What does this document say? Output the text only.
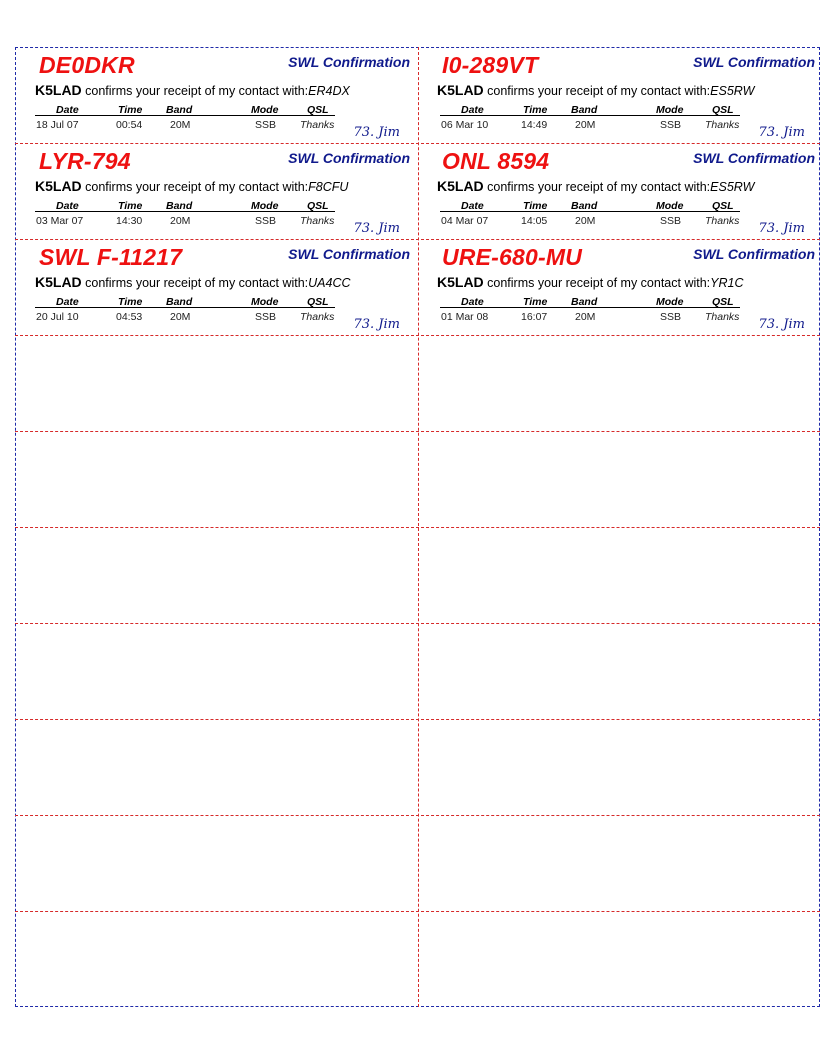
DE0DKR	SWL Confirmation
K5LAD confirms your receipt of my contact with:ER4DX
Date	Time Band	Mode	QSL
18 Jul 07	00:54	20M	SSB Thanks 73. Jim
I0-289VT	SWL Confirmation
K5LAD confirms your receipt of my contact with:ES5RW
Date	Time Band	Mode	QSL
06 Mar 10	14:49	20M	SSB Thanks 73. Jim
LYR-794	SWL Confirmation
K5LAD confirms your receipt of my contact with:F8CFU
Date	Time Band	Mode	QSL
03 Mar 07	14:30	20M	SSB Thanks 73. Jim
ONL 8594	SWL Confirmation
K5LAD confirms your receipt of my contact with:ES5RW
Date	Time Band	Mode	QSL
04 Mar 07	14:05	20M	SSB Thanks 73. Jim
SWL F-11217	SWL Confirmation
K5LAD confirms your receipt of my contact with:UA4CC
Date	Time Band	Mode	QSL
20 Jul 10	04:53	20M	SSB Thanks 73. Jim
URE-680-MU	SWL Confirmation
K5LAD confirms your receipt of my contact with:YR1C
Date	Time Band	Mode	QSL
01 Mar 08	16:07	20M	SSB Thanks 73. Jim
